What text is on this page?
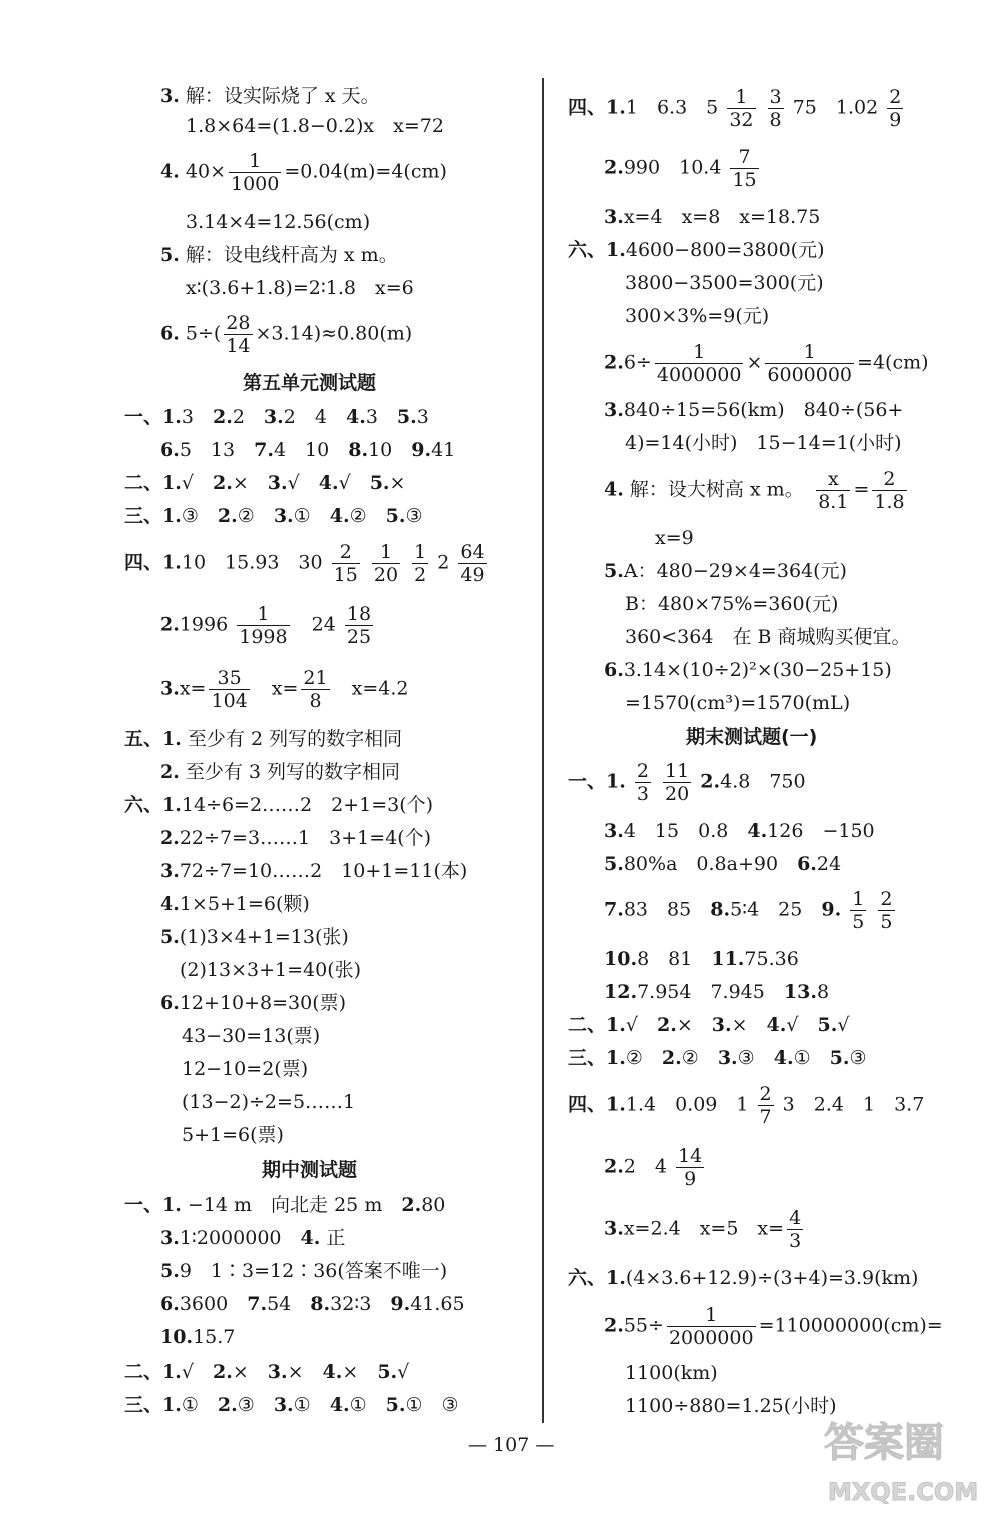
3. 解：设实际烧了 x 天。
1.8×64=(1.8−0.2)x　x=72
4. $40\times \frac{1}{1000} =0.04(m)=4(cm)$
3.14×4=12.56(cm)
5. 解：设电线杆高为 x m。
x∶(3.6+1.8)=2∶1.8　x=6
6. $5\div( \frac{28}{14} \times 3.14)\approx 0.80(m)$
第五单元测试题
一、1.3　 2.2　 3.2　4　 4.3　 5.3
6.5　13　 7.4　10　 8.10　 9.41
二、1.√　 2.×　 3.√　 4.√　 5.×
三、1.③　 2.②　 3.①　 4.②　 5.③
四、1.10　15.93　$30 \frac{2}{15}$
$\frac{1}{20}$
$\frac{1}{2} 2 \frac{64}{49}$
$2.1996 \frac{1}{1998}$
　 $24 \frac{18}{25}$
$3.x= \frac{35}{104}$
　 $x= \frac{21}{8}$
　 x=4.2
五、1. 至少有 2 列写的数字相同
2. 至少有 3 列写的数字相同
六、1.14÷6=2……2　2+1=3(个)
2.22÷7=3……1　3+1=4(个)
3.72÷7=10……2　10+1=11(本)
4.1×5+1=6(颗)
5.(1)3×4+1=13(张)
(2)13×3+1=40(张)
6.12+10+8=30(票)
43−30=13(票)
12−10=2(票)
(13−2)÷2=5……1
5+1=6(票)
期中测试题
一、1. −14 m　向北走 25 m　 2.80
3.1∶2000000　 4. 正
5.9　1∶3=12∶36(答案不唯一)
6.3600　 7.54　 8.32∶3　 9.41.65
10.15.7
二、1.√　 2.×　 3.×　 4.×　 5.√
三、1.①　 2.③　 3.①　 4.①　 5.①　③
四、1.1　6.3　$5 \frac{1}{32}$
$\frac{3}{8} 75$　$1.02 \frac{2}{9}$
2.990　$10.4 \frac{7}{15}$
3.x=4　x=8　x=18.75
六、1.4600−800=3800(元)
3800−3500=300(元)
300×3%=9(元)
$2.6\div \frac{1}{4000000} \times \frac{1}{6000000} =4(cm)$
3.840÷15=56(km)　840÷(56+
4)=14(小时)　15−14=1(小时)
4. 解：设大树高 x m。　 $\frac{x}{8.1} = \frac{2}{1.8}$
x=9
5.A：480−29×4=364(元)
B：480×75%=360(元)
360<364　在 B 商城购买便宜。
6.3.14×(10÷2)²×(30−25+15)
=1570(cm³)=1570(mL)
期末测试题(一)
一、1. $\frac{2}{3}$
$\frac{11}{20} 2.4.8$　750
3.4　15　0.8　 4.126　−150
5.80%a　0.8a+90　 6.24
7.83　85　 8.5∶4　25　 9. $\frac{1}{5}$
$\frac{2}{5}$
10.8　81　 11.75.36
12.7.954　7.945　 13.8
二、1.√　 2.×　 3.×　 4.√　 5.√
三、1.②　 2.②　 3.③　 4.①　 5.③
四、1.1.4　0.09　$1 \frac{2}{7} 3$　2.4　1　3.7
2.2　$4 \frac{14}{9}$
3.x=2.4　x=5　$x= \frac{4}{3}$
六、1.(4×3.6+12.9)÷(3+4)=3.9(km)
$2.55\div \frac{1}{2000000} =110000000(cm)=$
1100(km)
1100÷880=1.25(小时)
— 107 —	答案圈
MXQE.COM
